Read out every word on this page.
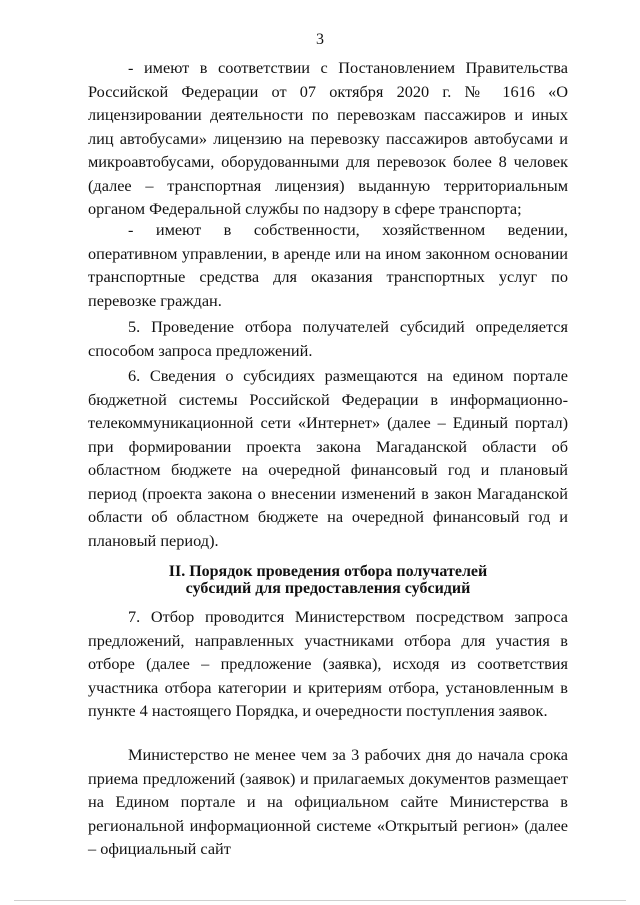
3

- имеют в соответствии с Постановлением Правительства Российской Федерации от 07 октября 2020 г. № 1616 «О лицензировании деятельности по перевозкам пассажиров и иных лиц автобусами» лицензию на перевозку пассажиров автобусами и микроавтобусами, оборудованными для перевозок более 8 человек (далее – транспортная лицензия) выданную территориальным органом Федеральной службы по надзору в сфере транспорта;

- имеют в собственности, хозяйственном ведении, оперативном управлении, в аренде или на ином законном основании транспортные средства для оказания транспортных услуг по перевозке граждан.

5. Проведение отбора получателей субсидий определяется способом запроса предложений.

6. Сведения о субсидиях размещаются на едином портале бюджетной системы Российской Федерации в информационно-телекоммуникационной сети «Интернет» (далее – Единый портал) при формировании проекта закона Магаданской области об областном бюджете на очередной финансовый год и плановый период (проекта закона о внесении изменений в закон Магаданской области об областном бюджете на очередной финансовый год и плановый период).

II. Порядок проведения отбора получателей
субсидий для предоставления субсидий

7. Отбор проводится Министерством посредством запроса предложений, направленных участниками отбора для участия в отборе (далее – предложение (заявка), исходя из соответствия участника отбора категории и критериям отбора, установленным в пункте 4 настоящего Порядка, и очередности поступления заявок.

Министерство не менее чем за 3 рабочих дня до начала срока приема предложений (заявок) и прилагаемых документов размещает на Едином портале и на официальном сайте Министерства в региональной информационной системе «Открытый регион» (далее – официальный сайт
